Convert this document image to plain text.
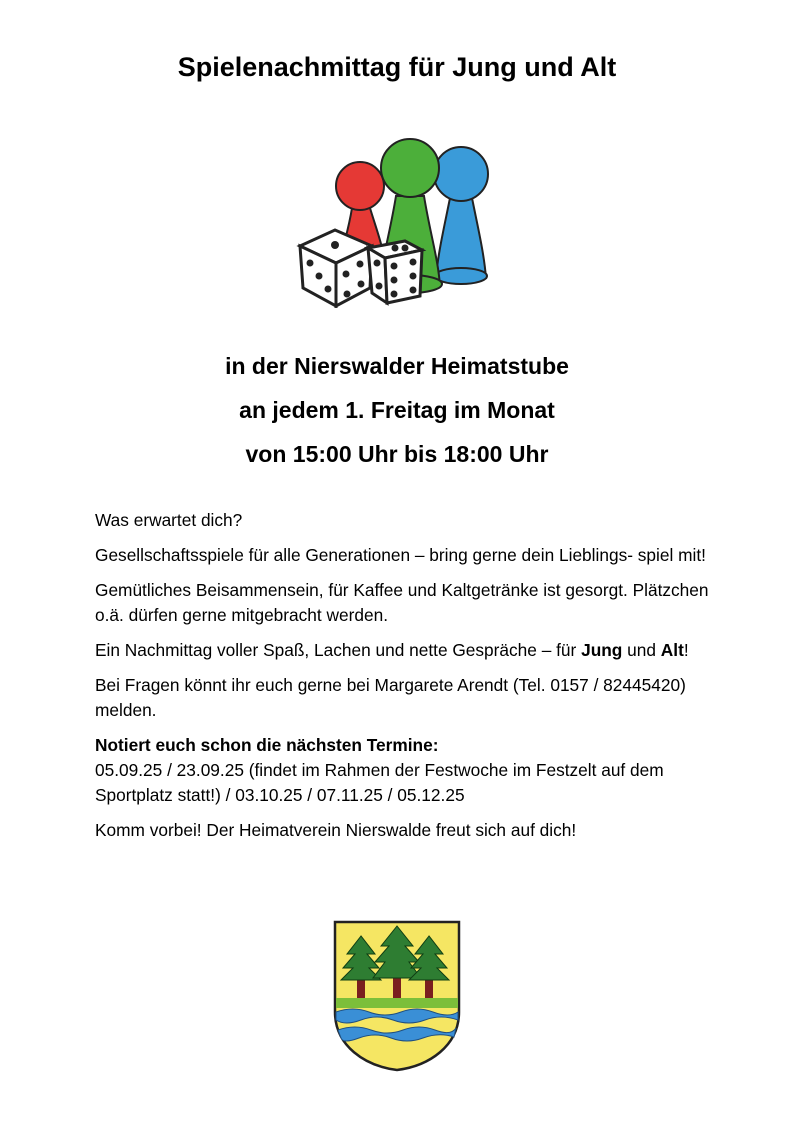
Spielenachmittag für Jung und Alt

in der Nierswalder Heimatstube

an jedem 1. Freitag im Monat

von 15:00 Uhr bis 18:00 Uhr

Was erwartet dich?

Gesellschaftsspiele für alle Generationen – bring gerne dein Lieblings- spiel mit!

Gemütliches Beisammensein, für Kaffee und Kaltgetränke ist gesorgt. Plätzchen o.ä. dürfen gerne mitgebracht werden.

Ein Nachmittag voller Spaß, Lachen und nette Gespräche – für Jung und Alt!

Bei Fragen könnt ihr euch gerne bei Margarete Arendt (Tel. 0157 / 82445420) melden.

Notiert euch schon die nächsten Termine:
05.09.25 / 23.09.25 (findet im Rahmen der Festwoche im Festzelt auf dem Sportplatz statt!) / 03.10.25 / 07.11.25 / 05.12.25

Komm vorbei! Der Heimatverein Nierswalde freut sich auf dich!
